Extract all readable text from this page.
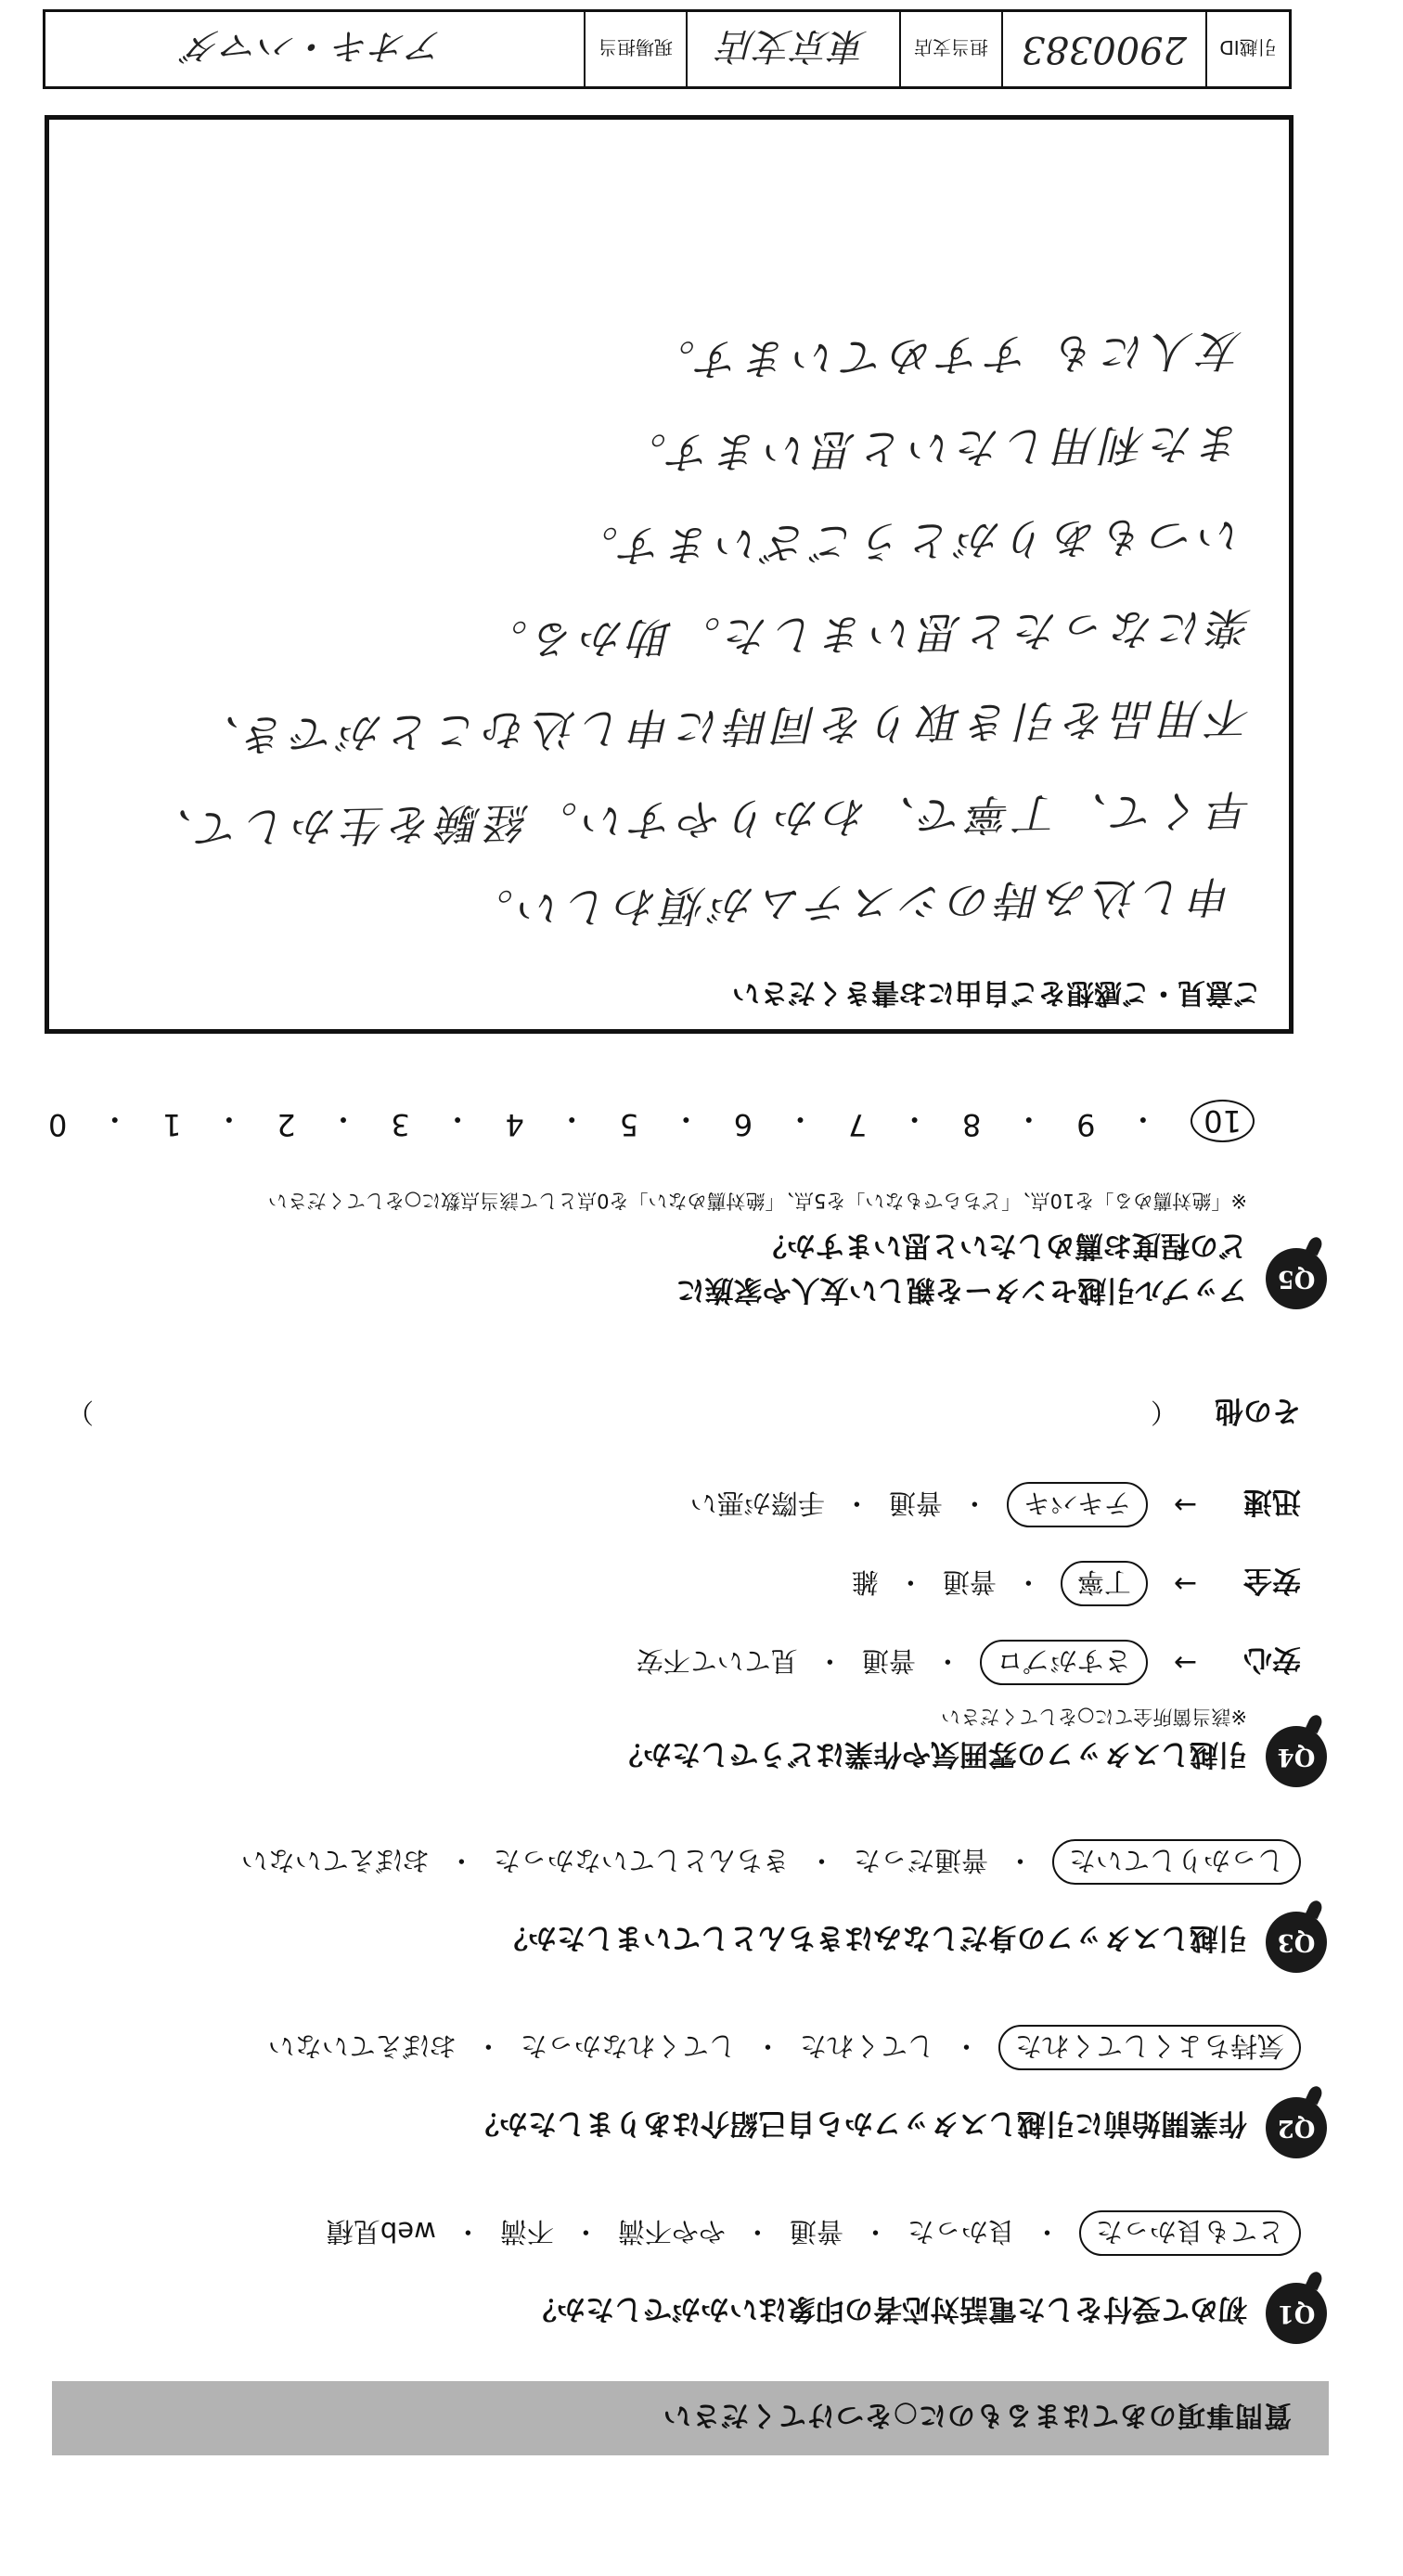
質問事項のあてはまるものに○をつけてください
Q1
初めて受付をした電話対応者の印象はいかがでしたか？
とても良かった
・
良かった
・
普通
・
やや不満
・
不満
・
web見積
Q2
作業開始前に引越しスタッフから自己紹介はありましたか？
気持ちよくしてくれた
・
してくれた
・
してくれなかった
・
おぼえていない
Q3
引越しスタッフの身だしなみはきちんとしていましたか？
しっかりしていた
・
普通だった
・
きちんとしていなかった
・
おぼえていない
Q4
引越しスタッフの雰囲気や作業はどうでしたか？
※該当箇所全てに○をしてください
安心
→
さすがプロ
・
普通
・
見ていて不安
安全
→
丁寧
・
普通
・
雑
迅速
→
テキパキ
・
普通
・
手際が悪い
その他
（
）
Q5
アップル引越センターを親しい友人や家族に
どの程度お薦めしたいと思いますか？
※「絶対薦める」を10点、「どちらでもない」を5点、「絶対薦めない」を0点として該当点数に○をしてください
10
・
9
・
8
・
7
・
6
・
5
・
4
・
3
・
2
・
1
・
0
ご意見・ご感想をご自由にお書きください
申し込み時のシステムが煩わしい。
早くて、丁寧で、わかりやすい。経験を生かして、
不用品を引き取りを同時に申し込むことができ、
楽になったと思いました。助かる。
いつもありがとうございます。
また利用したいと思います。
友人にも すすめています。
引越ID
2900383
担当支店
東京支店
現場担当
アオキ・ハマダ
